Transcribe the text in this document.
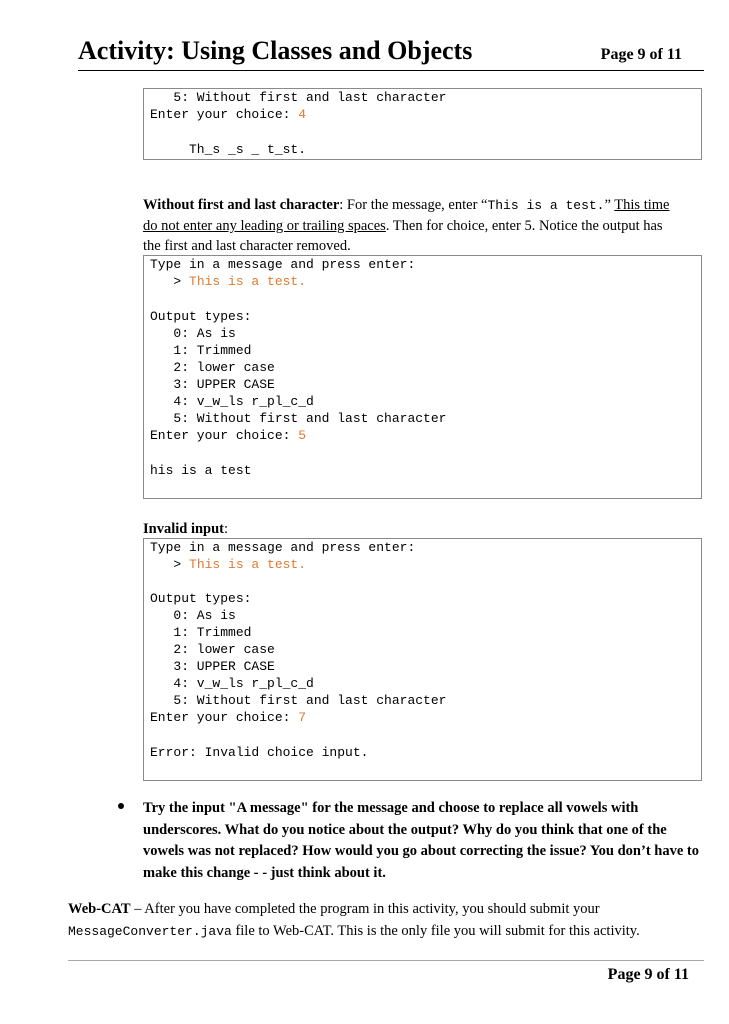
Activity: Using Classes and Objects	Page 9 of 11
5: Without first and last character
Enter your choice: 4
Th_s _s _ t_st.
Without first and last character: For the message, enter “This is a test.” This time
do not enter any leading or trailing spaces. Then for choice, enter 5. Notice the output has
the first and last character removed.
Type in a message and press enter:
> This is a test.
Output types:
0: As is
1: Trimmed
2: lower case
3: UPPER CASE
4: v_w_ls r_pl_c_d
5: Without first and last character
Enter your choice: 5
his is a test
Invalid input:
Type in a message and press enter:
> This is a test.
Output types:
0: As is
1: Trimmed
2: lower case
3: UPPER CASE
4: v_w_ls r_pl_c_d
5: Without first and last character
Enter your choice: 7
Error: Invalid choice input.
Try the input "A message" for the message and choose to replace all vowels with underscores. What do you notice about the output? Why do you think that one of the vowels was not replaced? How would you go about correcting the issue? You don’t have to make this change - - just think about it.
Web-CAT – After you have completed the program in this activity, you should submit your
MessageConverter.java file to Web-CAT. This is the only file you will submit for this activity.
Page 9 of 11
